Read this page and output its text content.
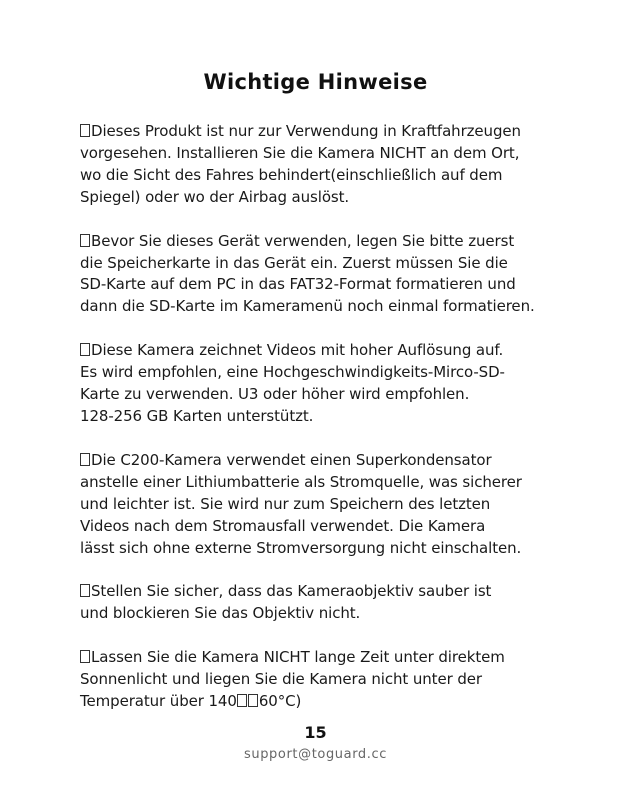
Wichtige Hinweise
Dieses Produkt ist nur zur Verwendung in Kraftfahrzeugen
vorgesehen. Installieren Sie die Kamera NICHT an dem Ort,
wo die Sicht des Fahres behindert(einschließlich auf dem
Spiegel) oder wo der Airbag auslöst.
Bevor Sie dieses Gerät verwenden, legen Sie bitte zuerst
die Speicherkarte in das Gerät ein. Zuerst müssen Sie die
SD-Karte auf dem PC in das FAT32-Format formatieren und
dann die SD-Karte im Kameramenü noch einmal formatieren.
Diese Kamera zeichnet Videos mit hoher Auflösung auf.
Es wird empfohlen, eine Hochgeschwindigkeits-Mirco-SD-
Karte zu verwenden. U3 oder höher wird empfohlen.
128-256 GB Karten unterstützt.
Die C200-Kamera verwendet einen Superkondensator
anstelle einer Lithiumbatterie als Stromquelle, was sicherer
und leichter ist. Sie wird nur zum Speichern des letzten
Videos nach dem Stromausfall verwendet. Die Kamera
lässt sich ohne externe Stromversorgung nicht einschalten.
Stellen Sie sicher, dass das Kameraobjektiv sauber ist
und blockieren Sie das Objektiv nicht.
Lassen Sie die Kamera NICHT lange Zeit unter direktem
Sonnenlicht und liegen Sie die Kamera nicht unter der
Temperatur über 140 60°C)
15
support@toguard.cc
